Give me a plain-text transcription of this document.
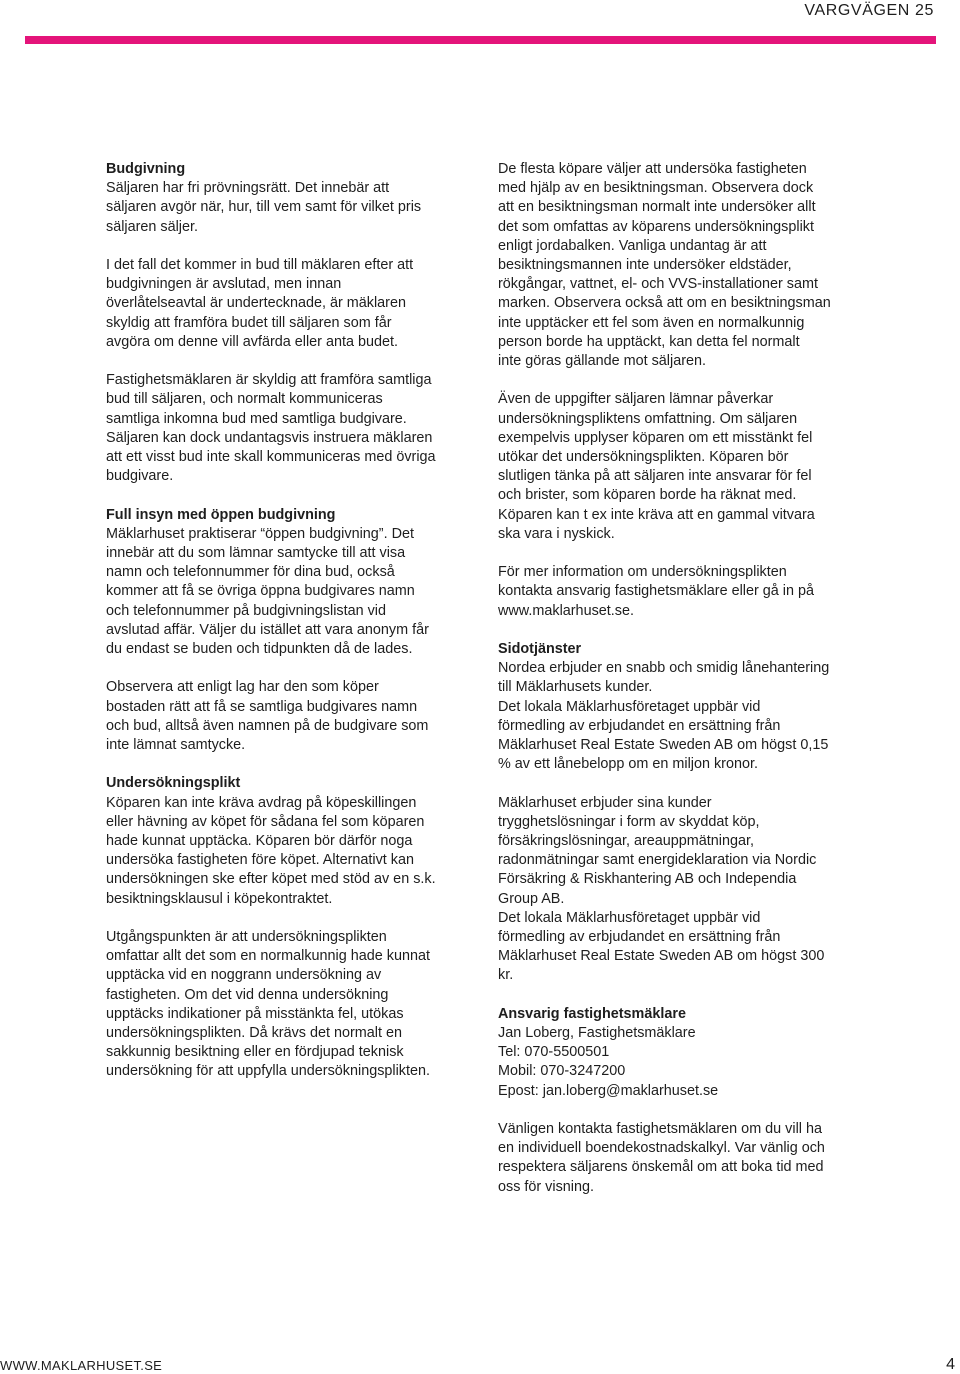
VARGVÄGEN 25

Budgivning
Säljaren har fri prövningsrätt. Det innebär att
säljaren avgör när, hur, till vem samt för vilket pris
säljaren säljer.

I det fall det kommer in bud till mäklaren efter att
budgivningen är avslutad, men innan
överlåtelseavtal är undertecknade, är mäklaren
skyldig att framföra budet till säljaren som får
avgöra om denne vill avfärda eller anta budet.

Fastighetsmäklaren är skyldig att framföra samtliga
bud till säljaren, och normalt kommuniceras
samtliga inkomna bud med samtliga budgivare.
Säljaren kan dock undantagsvis instruera mäklaren
att ett visst bud inte skall kommuniceras med övriga
budgivare.

Full insyn med öppen budgivning
Mäklarhuset praktiserar “öppen budgivning”. Det
innebär att du som lämnar samtycke till att visa
namn och telefonnummer för dina bud, också
kommer att få se övriga öppna budgivares namn
och telefonnummer på budgivningslistan vid
avslutad affär. Väljer du istället att vara anonym får
du endast se buden och tidpunkten då de lades.

Observera att enligt lag har den som köper
bostaden rätt att få se samtliga budgivares namn
och bud, alltså även namnen på de budgivare som
inte lämnat samtycke.

Undersökningsplikt
Köparen kan inte kräva avdrag på köpeskillingen
eller hävning av köpet för sådana fel som köparen
hade kunnat upptäcka. Köparen bör därför noga
undersöka fastigheten före köpet. Alternativt kan
undersökningen ske efter köpet med stöd av en s.k.
besiktningsklausul i köpekontraktet.

Utgångspunkten är att undersökningsplikten
omfattar allt det som en normalkunnig hade kunnat
upptäcka vid en noggrann undersökning av
fastigheten. Om det vid denna undersökning
upptäcks indikationer på misstänkta fel, utökas
undersökningsplikten. Då krävs det normalt en
sakkunnig besiktning eller en fördjupad teknisk
undersökning för att uppfylla undersökningsplikten.

De flesta köpare väljer att undersöka fastigheten
med hjälp av en besiktningsman. Observera dock
att en besiktningsman normalt inte undersöker allt
det som omfattas av köparens undersökningsplikt
enligt jordabalken. Vanliga undantag är att
besiktningsmannen inte undersöker eldstäder,
rökgångar, vattnet, el- och VVS-installationer samt
marken. Observera också att om en besiktningsman
inte upptäcker ett fel som även en normalkunnig
person borde ha upptäckt, kan detta fel normalt
inte göras gällande mot säljaren.

Även de uppgifter säljaren lämnar påverkar
undersökningspliktens omfattning. Om säljaren
exempelvis upplyser köparen om ett misstänkt fel
utökar det undersökningsplikten. Köparen bör
slutligen tänka på att säljaren inte ansvarar för fel
och brister, som köparen borde ha räknat med.
Köparen kan t ex inte kräva att en gammal vitvara
ska vara i nyskick.

För mer information om undersökningsplikten
kontakta ansvarig fastighetsmäklare eller gå in på
www.maklarhuset.se.

Sidotjänster
Nordea erbjuder en snabb och smidig lånehantering
till Mäklarhusets kunder.
Det lokala Mäklarhusföretaget uppbär vid
förmedling av erbjudandet en ersättning från
Mäklarhuset Real Estate Sweden AB om högst 0,15
% av ett lånebelopp om en miljon kronor.

Mäklarhuset erbjuder sina kunder
trygghetslösningar i form av skyddat köp,
försäkringslösningar, areauppmätningar,
radonmätningar samt energideklaration via Nordic
Försäkring & Riskhantering AB och Independia
Group AB.
Det lokala Mäklarhusföretaget uppbär vid
förmedling av erbjudandet en ersättning från
Mäklarhuset Real Estate Sweden AB om högst 300
kr.

Ansvarig fastighetsmäklare
Jan Loberg, Fastighetsmäklare
Tel: 070-5500501
Mobil: 070-3247200
Epost: jan.loberg@maklarhuset.se

Vänligen kontakta fastighetsmäklaren om du vill ha
en individuell boendekostnadskalkyl. Var vänlig och
respektera säljarens önskemål om att boka tid med
oss för visning.

WWW.MAKLARHUSET.SE	4
